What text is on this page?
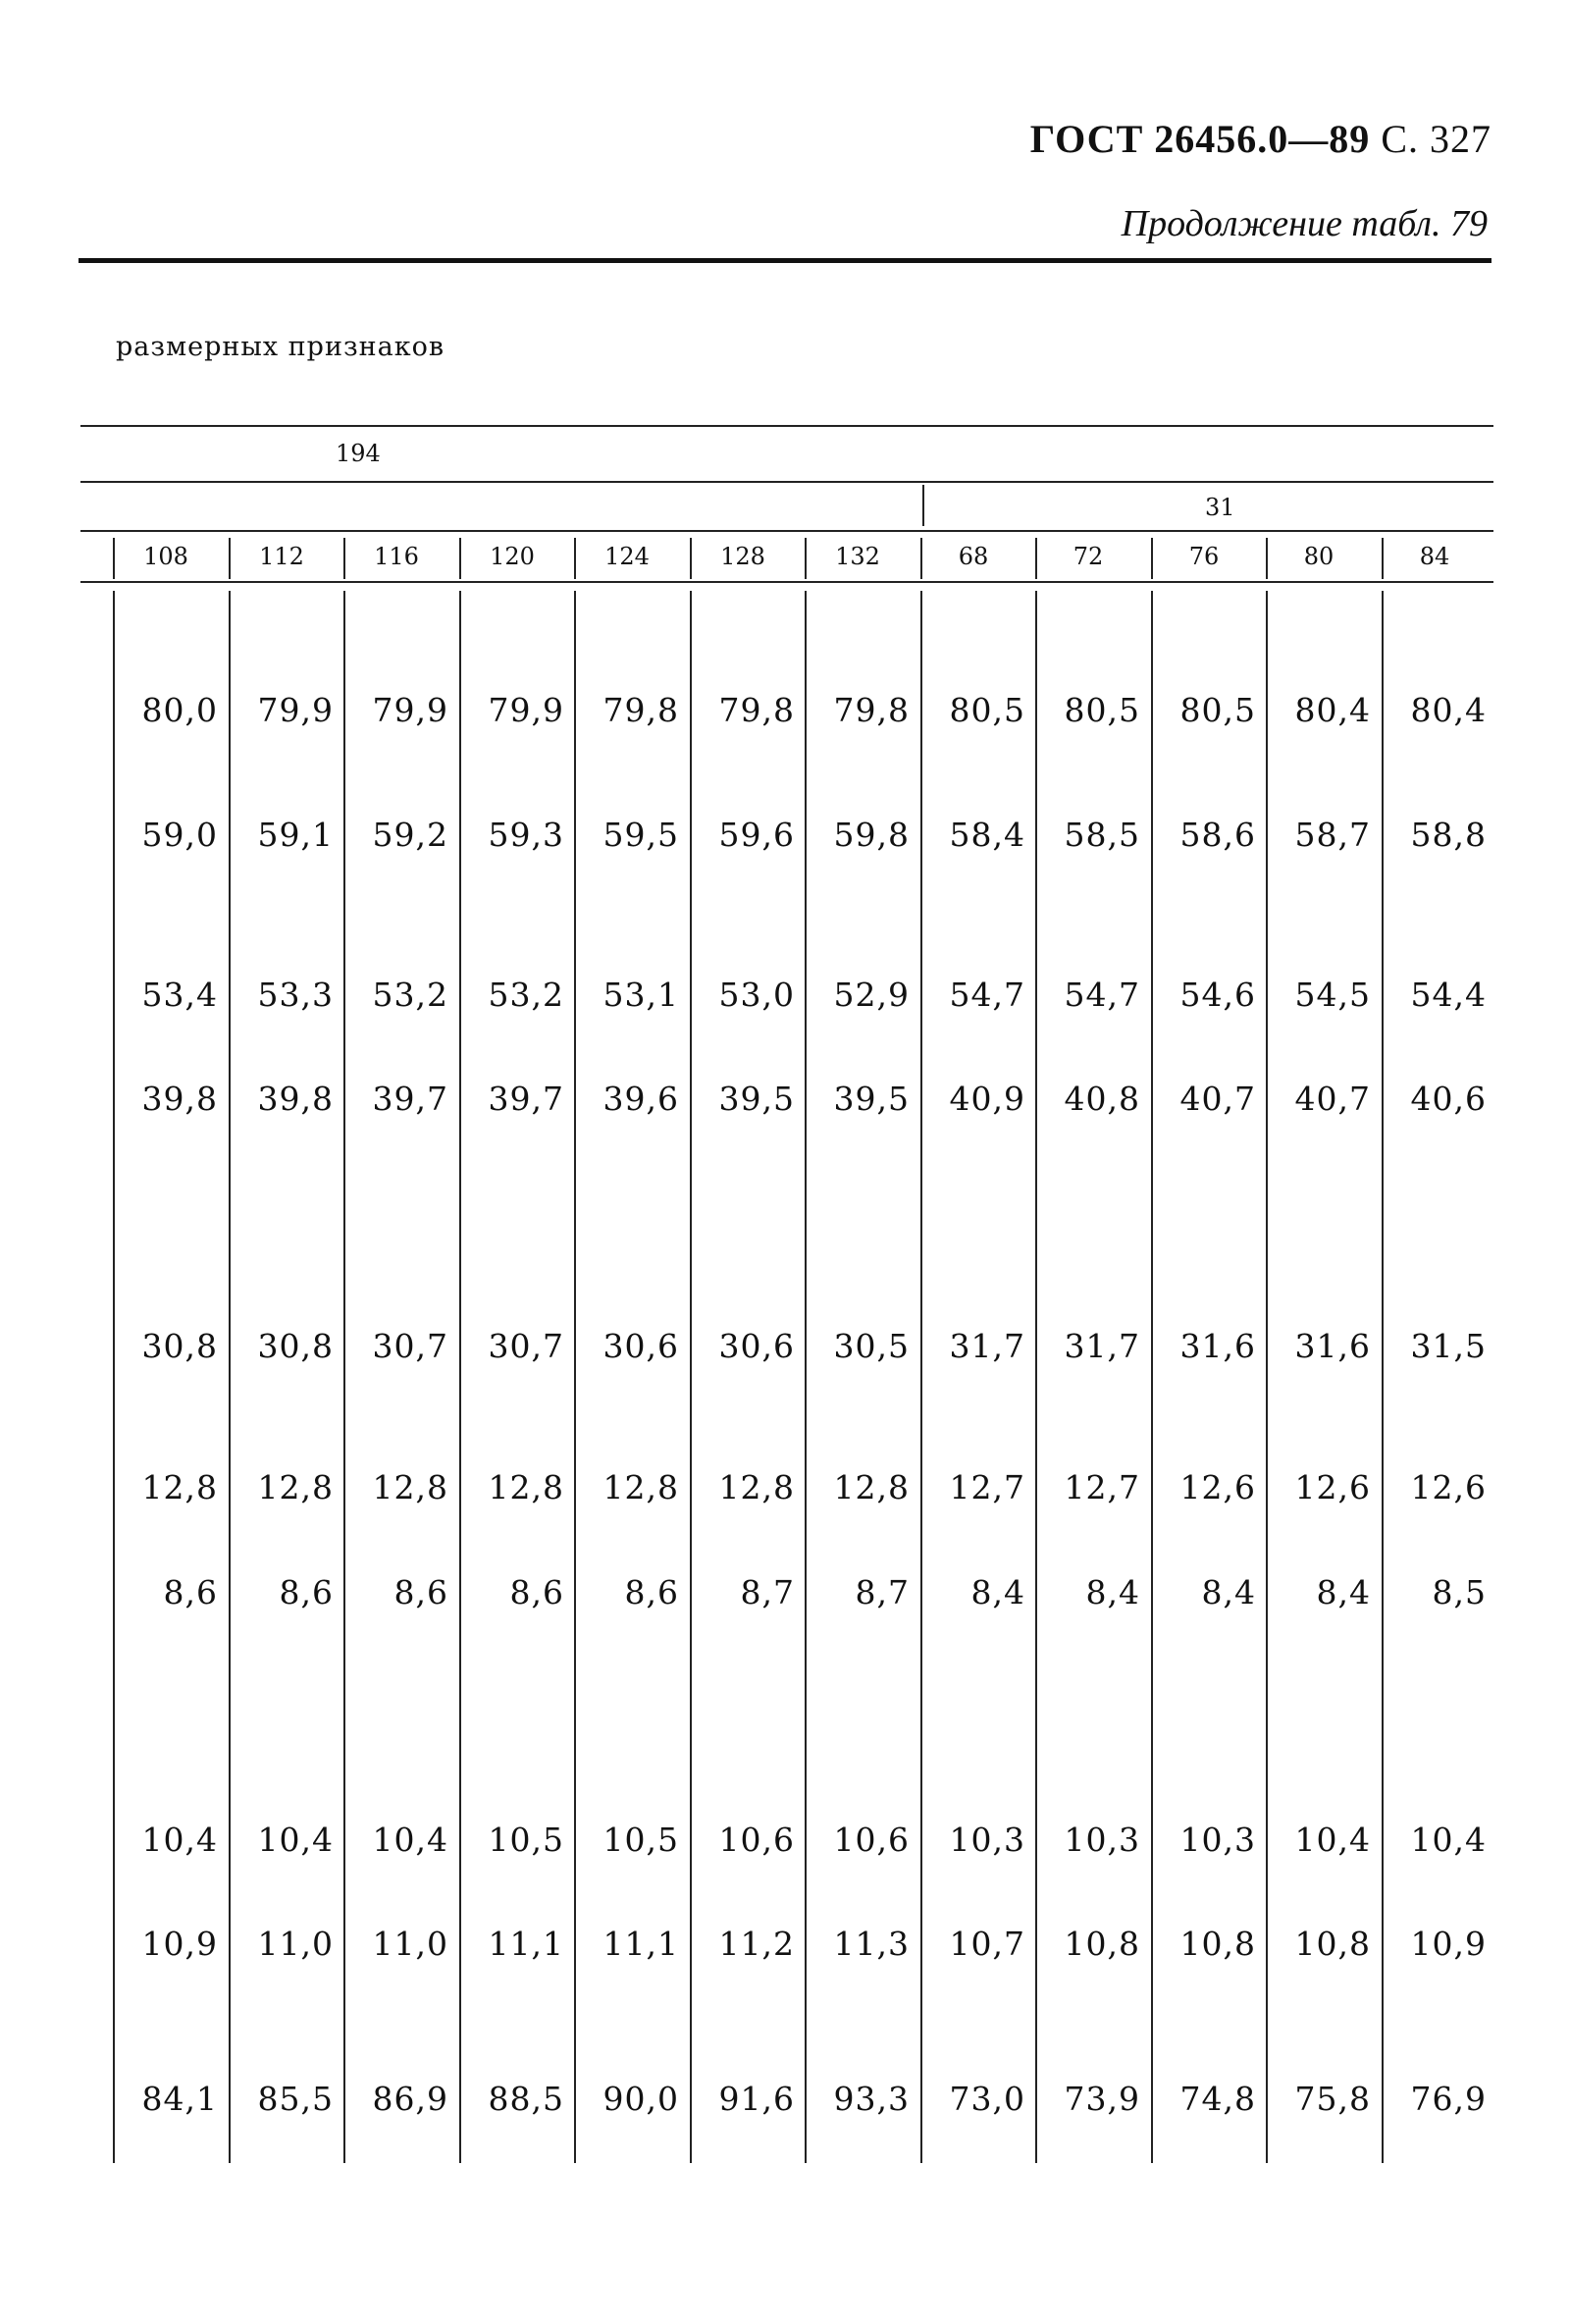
ГОСТ 26456.0—89 С. 327
Продолжение табл. 79
размерных признаков
194
31
108	112	116	120	124	128	132	68	72	76	80	84
80,0	79,9	79,9	79,9	79,8	79,8	79,8	80,5	80,5	80,5	80,4	80,4
59,0	59,1	59,2	59,3	59,5	59,6	59,8	58,4	58,5	58,6	58,7	58,8
53,4	53,3	53,2	53,2	53,1	53,0	52,9	54,7	54,7	54,6	54,5	54,4
39,8	39,8	39,7	39,7	39,6	39,5	39,5	40,9	40,8	40,7	40,7	40,6
30,8	30,8	30,7	30,7	30,6	30,6	30,5	31,7	31,7	31,6	31,6	31,5
12,8	12,8	12,8	12,8	12,8	12,8	12,8	12,7	12,7	12,6	12,6	12,6
8,6	8,6	8,6	8,6	8,6	8,7	8,7	8,4	8,4	8,4	8,4	8,5
10,4	10,4	10,4	10,5	10,5	10,6	10,6	10,3	10,3	10,3	10,4	10,4
10,9	11,0	11,0	11,1	11,1	11,2	11,3	10,7	10,8	10,8	10,8	10,9
84,1	85,5	86,9	88,5	90,0	91,6	93,3	73,0	73,9	74,8	75,8	76,9
